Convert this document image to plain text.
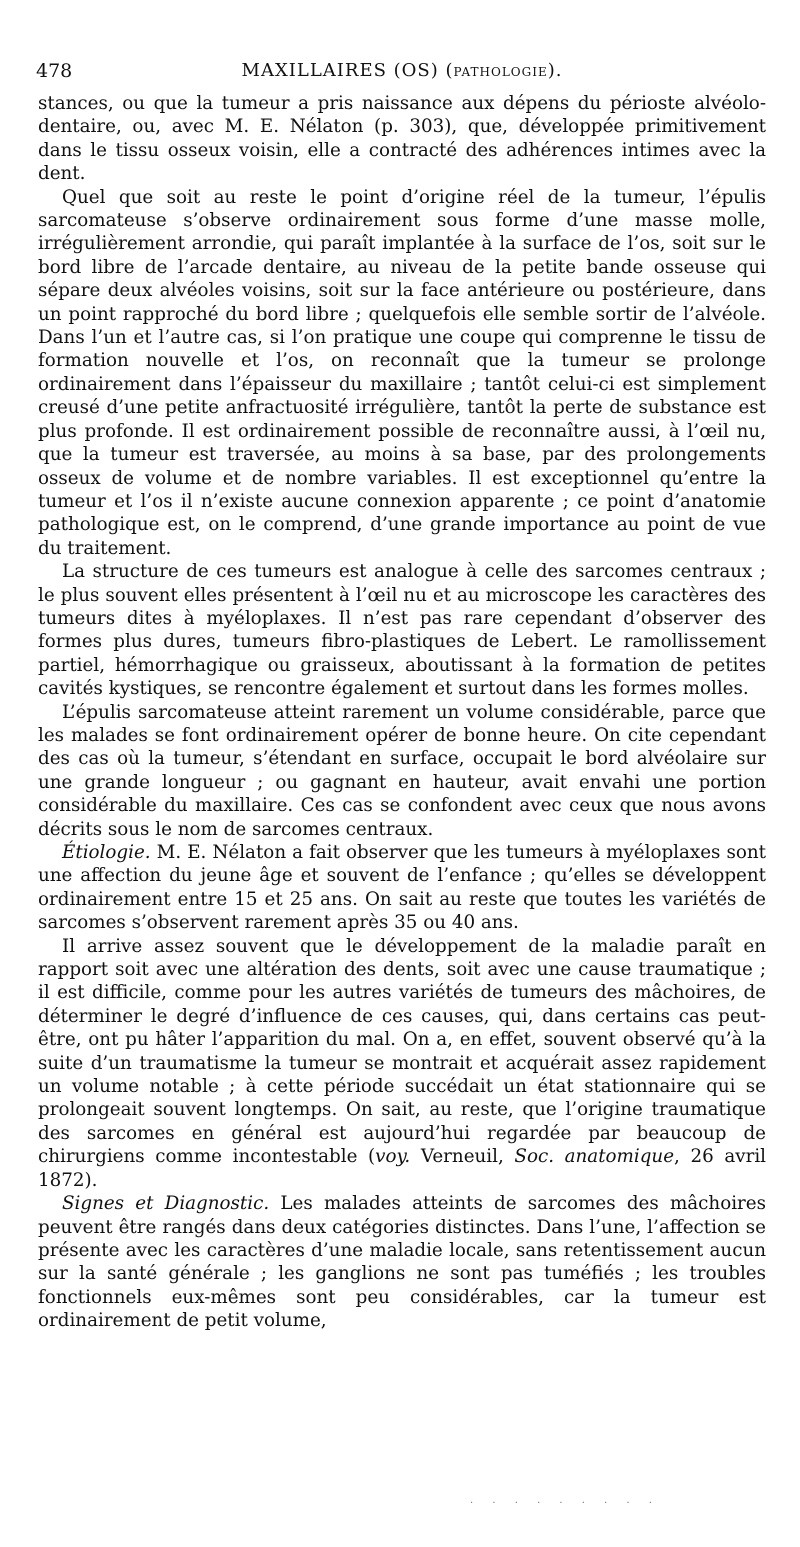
478	MAXILLAIRES (OS) (PATHOLOGIE).

stances, ou que la tumeur a pris naissance aux dépens du périoste alvéolo-dentaire, ou, avec M. E. Nélaton (p. 303), que, développée primitivement dans le tissu osseux voisin, elle a contracté des adhérences intimes avec la dent.

Quel que soit au reste le point d’origine réel de la tumeur, l’épulis sarcomateuse s’observe ordinairement sous forme d’une masse molle, irrégulièrement arrondie, qui paraît implantée à la surface de l’os, soit sur le bord libre de l’arcade dentaire, au niveau de la petite bande osseuse qui sépare deux alvéoles voisins, soit sur la face antérieure ou postérieure, dans un point rapproché du bord libre ; quelquefois elle semble sortir de l’alvéole. Dans l’un et l’autre cas, si l’on pratique une coupe qui comprenne le tissu de formation nouvelle et l’os, on reconnaît que la tumeur se prolonge ordinairement dans l’épaisseur du maxillaire ; tantôt celui-ci est simplement creusé d’une petite anfractuosité irrégulière, tantôt la perte de substance est plus profonde. Il est ordinairement possible de reconnaître aussi, à l’œil nu, que la tumeur est traversée, au moins à sa base, par des prolongements osseux de volume et de nombre variables. Il est exceptionnel qu’entre la tumeur et l’os il n’existe aucune connexion apparente ; ce point d’anatomie pathologique est, on le comprend, d’une grande importance au point de vue du traitement.

La structure de ces tumeurs est analogue à celle des sarcomes centraux ; le plus souvent elles présentent à l’œil nu et au microscope les caractères des tumeurs dites à myéloplaxes. Il n’est pas rare cependant d’observer des formes plus dures, tumeurs fibro-plastiques de Lebert. Le ramollissement partiel, hémorrhagique ou graisseux, aboutissant à la formation de petites cavités kystiques, se rencontre également et surtout dans les formes molles.

L’épulis sarcomateuse atteint rarement un volume considérable, parce que les malades se font ordinairement opérer de bonne heure. On cite cependant des cas où la tumeur, s’étendant en surface, occupait le bord alvéolaire sur une grande longueur ; ou gagnant en hauteur, avait envahi une portion considérable du maxillaire. Ces cas se confondent avec ceux que nous avons décrits sous le nom de sarcomes centraux.

Étiologie. M. E. Nélaton a fait observer que les tumeurs à myéloplaxes sont une affection du jeune âge et souvent de l’enfance ; qu’elles se développent ordinairement entre 15 et 25 ans. On sait au reste que toutes les variétés de sarcomes s’observent rarement après 35 ou 40 ans.

Il arrive assez souvent que le développement de la maladie paraît en rapport soit avec une altération des dents, soit avec une cause traumatique ; il est difficile, comme pour les autres variétés de tumeurs des mâchoires, de déterminer le degré d’influence de ces causes, qui, dans certains cas peut-être, ont pu hâter l’apparition du mal. On a, en effet, souvent observé qu’à la suite d’un traumatisme la tumeur se montrait et acquérait assez rapidement un volume notable ; à cette période succédait un état stationnaire qui se prolongeait souvent longtemps. On sait, au reste, que l’origine traumatique des sarcomes en général est aujourd’hui regardée par beaucoup de chirurgiens comme incontestable (voy. Verneuil, Soc. anatomique, 26 avril 1872).

Signes et Diagnostic. Les malades atteints de sarcomes des mâchoires peuvent être rangés dans deux catégories distinctes. Dans l’une, l’affection se présente avec les caractères d’une maladie locale, sans retentissement aucun sur la santé générale ; les ganglions ne sont pas tuméfiés ; les troubles fonctionnels eux-mêmes sont peu considérables, car la tumeur est ordinairement de petit volume,

· · · · · · · · ·
